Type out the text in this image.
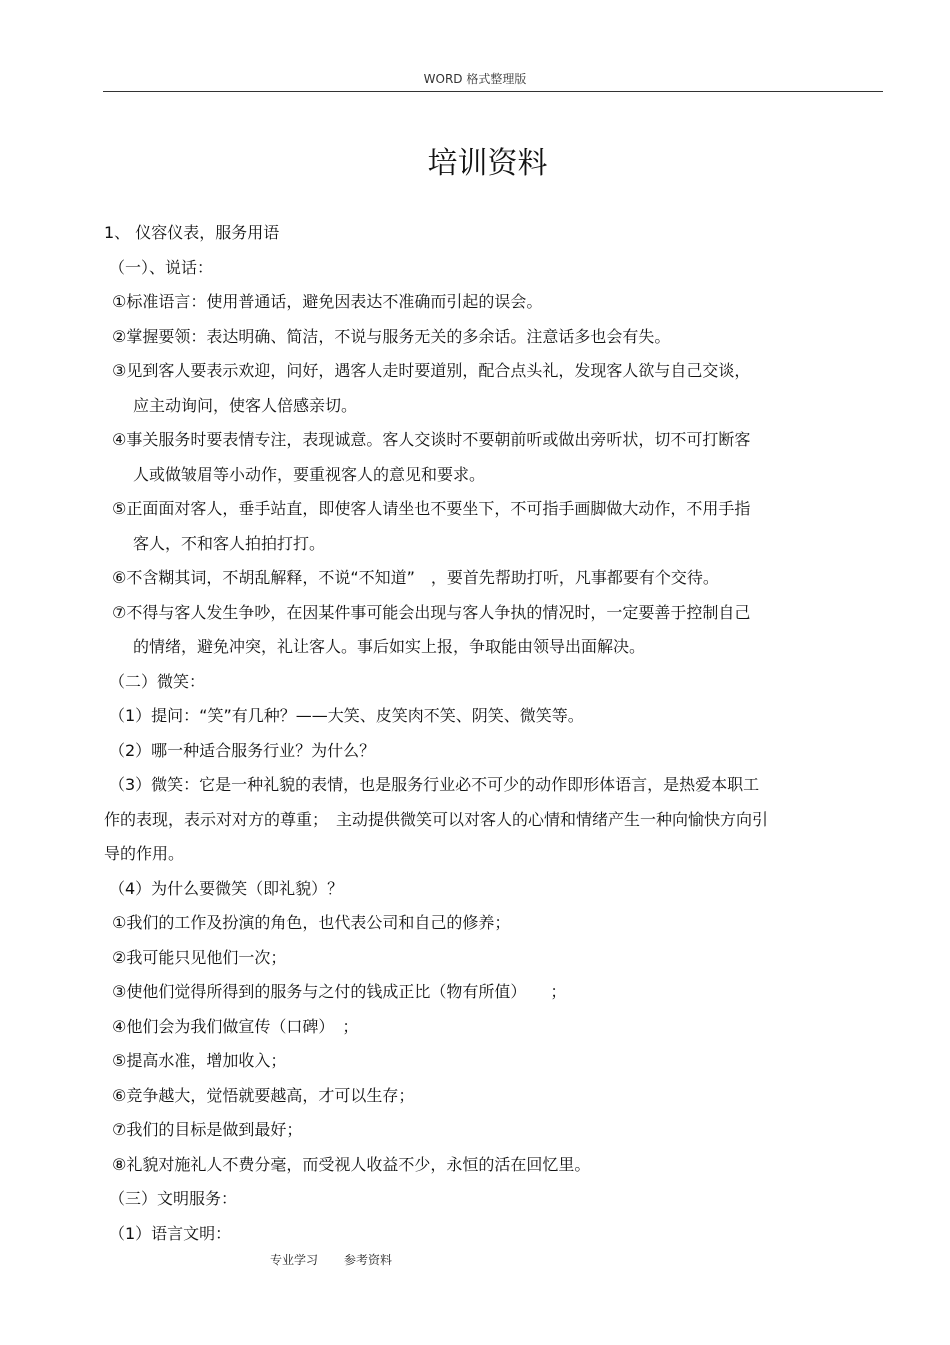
WORD 格式整理版
培训资料
1、 仪容仪表，服务用语
（一）、说话：
①标准语言：使用普通话，避免因表达不准确而引起的误会。
②掌握要领：表达明确、简洁，不说与服务无关的多余话。注意话多也会有失。
③见到客人要表示欢迎，问好，遇客人走时要道别，配合点头礼，发现客人欲与自己交谈，
应主动询问，使客人倍感亲切。
④事关服务时要表情专注，表现诚意。客人交谈时不要朝前听或做出旁听状，切不可打断客
人或做皱眉等小动作，要重视客人的意见和要求。
⑤正面面对客人，垂手站直，即使客人请坐也不要坐下，不可指手画脚做大动作，不用手指
客人，不和客人拍拍打打。
⑥不含糊其词，不胡乱解释，不说“不知道”　，要首先帮助打听，凡事都要有个交待。
⑦不得与客人发生争吵，在因某件事可能会出现与客人争执的情况时，一定要善于控制自己
的情绪，避免冲突，礼让客人。事后如实上报，争取能由领导出面解决。
（二）微笑：
（1）提问：“笑”有几种？——大笑、皮笑肉不笑、阴笑、微笑等。
（2）哪一种适合服务行业？为什么？
（3）微笑：它是一种礼貌的表情，也是服务行业必不可少的动作即形体语言，是热爱本职工
作的表现，表示对对方的尊重；　主动提供微笑可以对客人的心情和情绪产生一种向愉快方向引
导的作用。
（4）为什么要微笑（即礼貌）？
①我们的工作及扮演的角色，也代表公司和自己的修养；
②我可能只见他们一次；
③使他们觉得所得到的服务与之付的钱成正比（物有所值）　　；
④他们会为我们做宣传（口碑）　；
⑤提高水准，增加收入；
⑥竞争越大，觉悟就要越高，才可以生存；
⑦我们的目标是做到最好；
⑧礼貌对施礼人不费分毫，而受视人收益不少，永恒的活在回忆里。
（三）文明服务：
（1）语言文明：
专业学习 参考资料
